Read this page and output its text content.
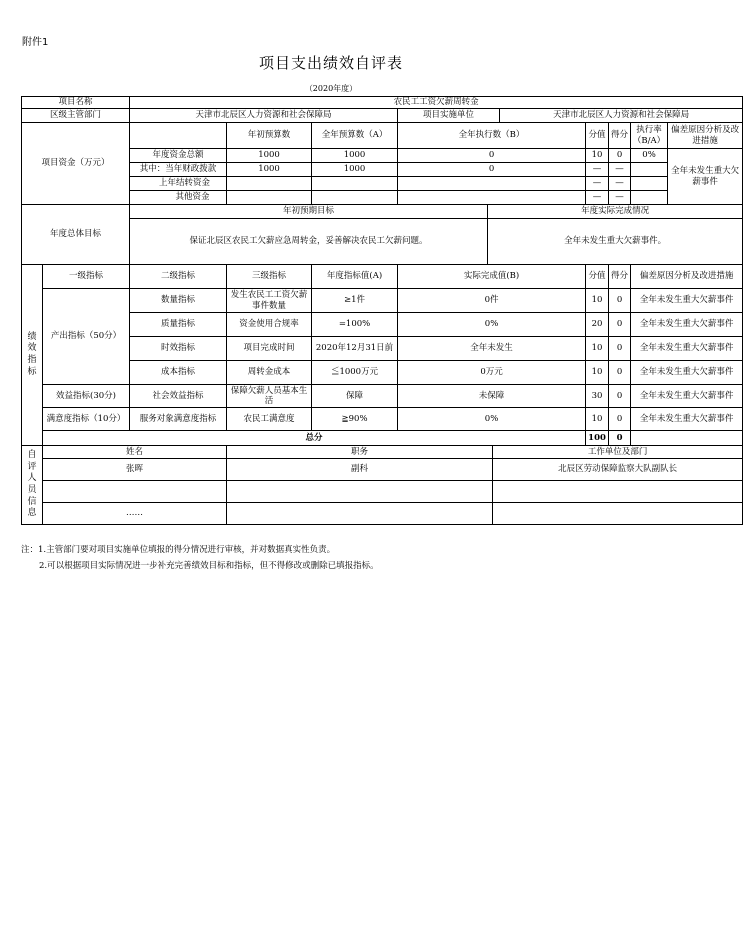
附件1
项目支出绩效自评表
（2020年度）
项目名称		农民工工资欠薪周转金										
区级主管部门		天津市北辰区人力资源和社会保障局			项目实施单位			天津市北辰区人力资源和社会保障局				
项目资金（万元）			年初预算数	全年预算数（A）	全年执行数（B）				分值	得分	执行率（B/A）	偏差原因分析及改进措施
		年度资金总额	1000	1000	0				10	0	0%	全年未发生重大欠薪事件
		其中：当年财政拨款	1000	1000	0				—	—		
		上年结转资金							—	—		
		其他资金							—	—		
年度总体目标		年初预期目标				年度实际完成情况						
		保证北辰区农民工欠薪应急周转金，妥善解决农民工欠薪问题。				全年未发生重大欠薪事件。						
绩效指标	一级指标	二级指标	三级指标	年度指标值(A)	实际完成值(B)				分值	得分	偏差原因分析及改进措施	
	产出指标（50分）	数量指标	发生农民工工资欠薪事件数量	≥1件	0件				10	0	全年未发生重大欠薪事件	
		质量指标	资金使用合规率	=100%	0%				20	0	全年未发生重大欠薪事件	
		时效指标	项目完成时间	2020年12月31日前	全年未发生				10	0	全年未发生重大欠薪事件	
		成本指标	周转金成本	≦1000万元	0万元				10	0	全年未发生重大欠薪事件	
	效益指标(30分)	社会效益指标	保障欠薪人员基本生活	保障	未保障				30	0	全年未发生重大欠薪事件	
	满意度指标（10分）	服务对象满意度指标	农民工满意度	≧90%	0%				10	0	全年未发生重大欠薪事件	
	总分								100	0		
自评人员信息	姓名		职务				工作单位及部门					
	张晖		副科				北辰区劳动保障监察大队副队长					

	……											
注：1.主管部门要对项目实施单位填报的得分情况进行审核，并对数据真实性负责。
2.可以根据项目实际情况进一步补充完善绩效目标和指标，但不得修改或删除已填报指标。
